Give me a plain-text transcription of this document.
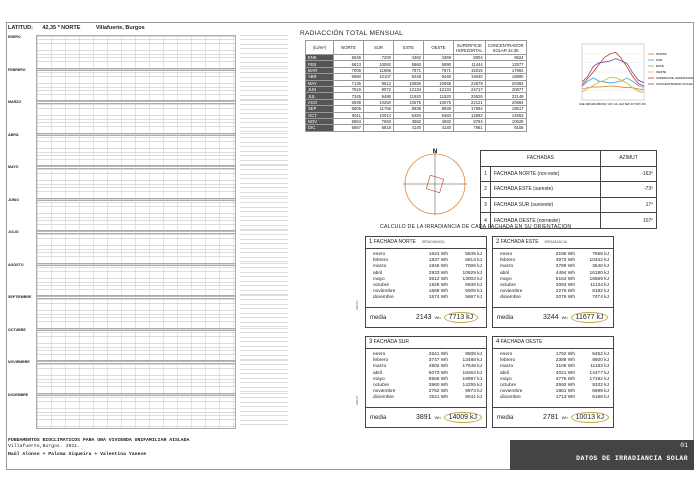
LATITUD: 42,35 º NORTE	Villafuerte, Burgos
ENERO
FEBRERO
MARZO
ABRIL
MAYO
JUNIO
JULIO
AGOSTO
SEPTIEMBRE
OCTUBRE
NOVIEMBRE
DICIEMBRE
RADIACCIÓN TOTAL MENSUAL
(kJ/m²)	NORTE	SUR	ESTE	OESTE	SUPERFICIE HORIZONTAL	CONCENTRADOR SOLAR 42,35
ENE	5845	7200	4362	4369	8004	9624
FEB	6613	10082	5860	5890	11444	12577
MAR	7006	11866	7871	7871	15015	17964
ABR	6960	10107	9448	9448	19040	19890
MAY	7135	9612	10655	10655	22879	20384
JUN	7516	9072	12134	12134	24717	20877
JUL	7345	9486	11920	11920	25526	22149
AGO	6939	10250	10575	10575	22121	20884
SEP	6605	11756	8939	8939	17594	19517
OCT	6611	10014	6484	6484	12592	14553
NOV	5864	7693	4582	4582	8764	10629
DIC	5667	6818	4140	4140	7661	9158
NORTE
SUR
ESTE
OESTE
SUPERFICIE HORIZONTAL
CONCENTRADOR SOLAR
ENE FEB MAR ABR MAY JUN JUL AGO SEP OCT NOV DIC
N
FACHADAS		AZIMUT
1	FACHADA NORTE (nor-este)	-163º
2	FACHADA ESTE (sureste)	-73º
3	FACHADA SUR (suroeste)	17º
4	FACHADA OESTE (noroeste)	107º
CALCULO DE LA IRRADIANCIA DE CADA FACHADA EN SU ORIENTACION
MEDIA
MEDIA
1 FACHADA NORTE IRRADIANCIA
enero	1624 Wh	5845 kJ
febrero	1837 Wh	6613 kJ
marzo	1946 Wh	7006 kJ
abril	2933 Wh	10629 kJ
mayo	3612 Wh	13003 kJ
octubre	1928 Wh	6939 kJ
noviembre	1668 Wh	6005 kJ
diciembre	1574 Wh	5667 kJ
media	2143 Wh	7713 kJ
2 FACHADA ESTE IRRADIANCIA
enero	2186 Wh	7868 kJ
febrero	3973 Wh	10342 kJ
marzo	3789 Wh	3640 kJ
abril	4494 Wh	16180 kJ
mayo	5164 Wh	18589 kJ
octubre	3093 Wh	11134 kJ
noviembre	2276 Wh	8192 kJ
diciembre	2076 Wh	7474 kJ
media	3244 Wh	11677 kJ
3 FACHADA SUR
enero	2641 Wh	9508 kJ
febrero	3747 Wh	13488 kJ
marzo	4902 Wh	17648 kJ
abril	5073 Wh	18263 kJ
mayo	5555 Wh	19997 kJ
octubre	3960 Wh	14255 kJ
noviembre	2762 Wh	9973 kJ
diciembre	2511 Wh	9041 kJ
media	3891 Wh	14009 kJ
4 FACHADA OESTE
enero	1792 Wh	6452 kJ
febrero	2389 Wh	8600 kJ
marzo	3106 Wh	11183 kJ
abril	4021 Wh	14477 kJ
mayo	4776 Wh	17192 kJ
octubre	2592 Wh	9332 kJ
noviembre	1861 Wh	6699 kJ
diciembre	1713 Wh	6168 kJ
media	2781 Wh	10013 kJ
FUNDAMENTOS BIOCLIMATICOS PARA UNA VIVIENDA UNIFAMILIAR AISLADA
Villafuerte,Burgos. 2011.
Raúl Alonso + Paloma Siqueira + Valentina Yanese
01
DATOS DE IRRADIANCIA SOLAR
